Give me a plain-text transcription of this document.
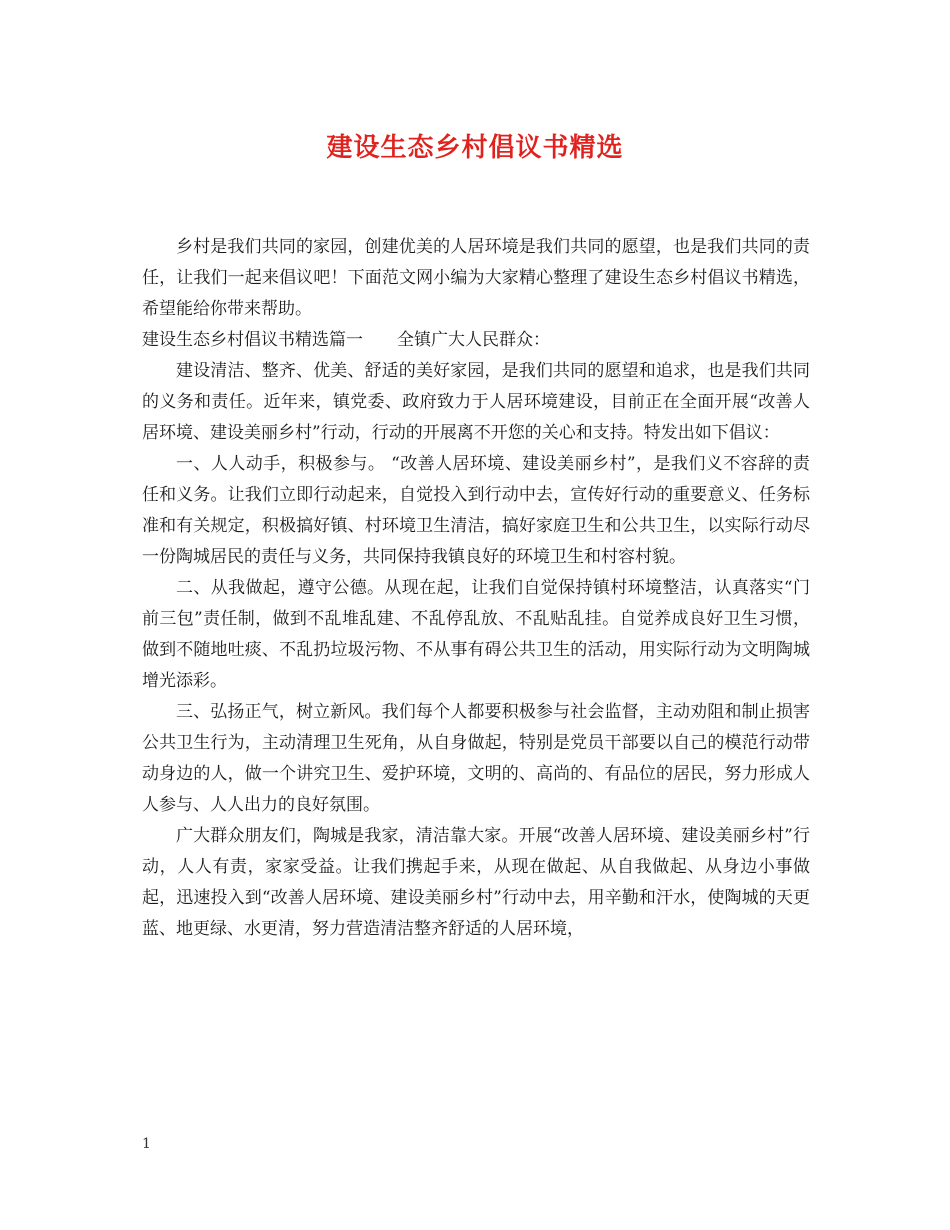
建设生态乡村倡议书精选

乡村是我们共同的家园，创建优美的人居环境是我们共同的愿望，也是我们共同的责任，让我们一起来倡议吧！下面范文网小编为大家精心整理了建设生态乡村倡议书精选，希望能给你带来帮助。

建设生态乡村倡议书精选篇一　　全镇广大人民群众：

建设清洁、整齐、优美、舒适的美好家园，是我们共同的愿望和追求，也是我们共同的义务和责任。近年来，镇党委、政府致力于人居环境建设，目前正在全面开展“改善人居环境、建设美丽乡村”行动，行动的开展离不开您的关心和支持。特发出如下倡议：

一、人人动手，积极参与。 “改善人居环境、建设美丽乡村”，是我们义不容辞的责任和义务。让我们立即行动起来，自觉投入到行动中去，宣传好行动的重要意义、任务标准和有关规定，积极搞好镇、村环境卫生清洁，搞好家庭卫生和公共卫生，以实际行动尽一份陶城居民的责任与义务，共同保持我镇良好的环境卫生和村容村貌。

二、从我做起，遵守公德。从现在起，让我们自觉保持镇村环境整洁，认真落实“门前三包”责任制，做到不乱堆乱建、不乱停乱放、不乱贴乱挂。自觉养成良好卫生习惯，做到不随地吐痰、不乱扔垃圾污物、不从事有碍公共卫生的活动，用实际行动为文明陶城增光添彩。

三、弘扬正气，树立新风。我们每个人都要积极参与社会监督，主动劝阻和制止损害公共卫生行为，主动清理卫生死角，从自身做起，特别是党员干部要以自己的模范行动带动身边的人，做一个讲究卫生、爱护环境，文明的、高尚的、有品位的居民，努力形成人人参与、人人出力的良好氛围。

广大群众朋友们，陶城是我家，清洁靠大家。开展“改善人居环境、建设美丽乡村”行动，人人有责，家家受益。让我们携起手来，从现在做起、从自我做起、从身边小事做起，迅速投入到“改善人居环境、建设美丽乡村”行动中去，用辛勤和汗水，使陶城的天更蓝、地更绿、水更清，努力营造清洁整齐舒适的人居环境，

1
